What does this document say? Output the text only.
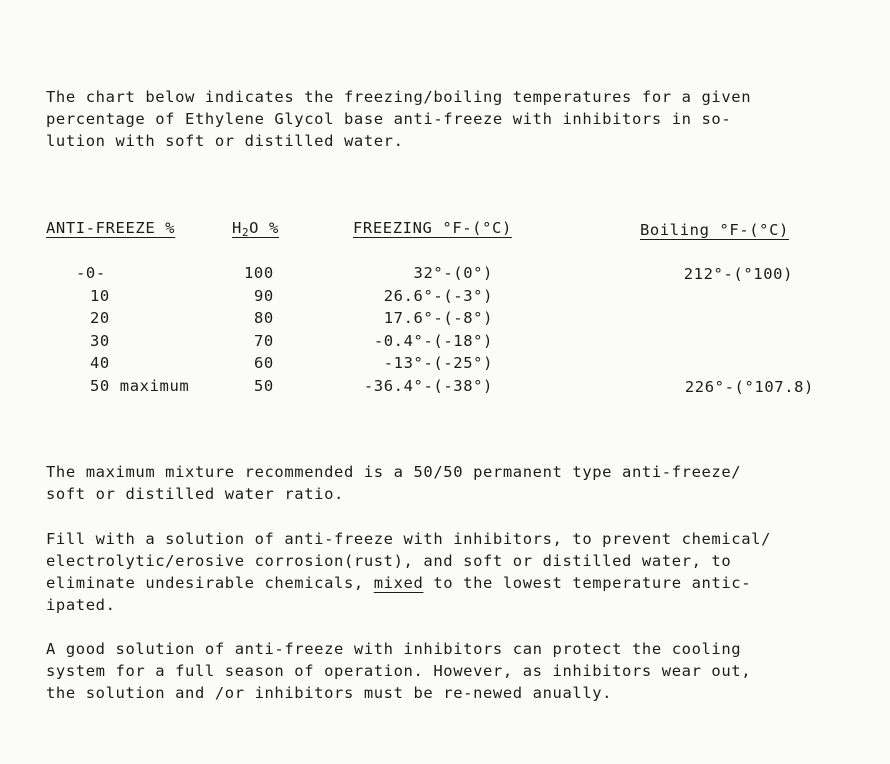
The chart below indicates the freezing/boiling temperatures for a given
percentage of Ethylene Glycol base anti-freeze with inhibitors in so-
lution with soft or distilled water.

ANTI-FREEZE %	$H_2O$ %	FREEZING °F-(°C)	Boiling °F-(°C)
-0-	100	32°-(0°)	212°-(°100)
10	90	26.6°-(-3°)
20	80	17.6°-(-8°)
30	70	-0.4°-(-18°)
40	60	-13°-(-25°)
50 maximum	50	-36.4°-(-38°)	226°-(°107.8)

The maximum mixture recommended is a 50/50 permanent type anti-freeze/
soft or distilled water ratio.

Fill with a solution of anti-freeze with inhibitors, to prevent chemical/
electrolytic/erosive corrosion(rust), and soft or distilled water, to
eliminate undesirable chemicals, mixed to the lowest temperature antic-
ipated.

A good solution of anti-freeze with inhibitors can protect the cooling
system for a full season of operation. However, as inhibitors wear out,
the solution and /or inhibitors must be re-newed anually.
